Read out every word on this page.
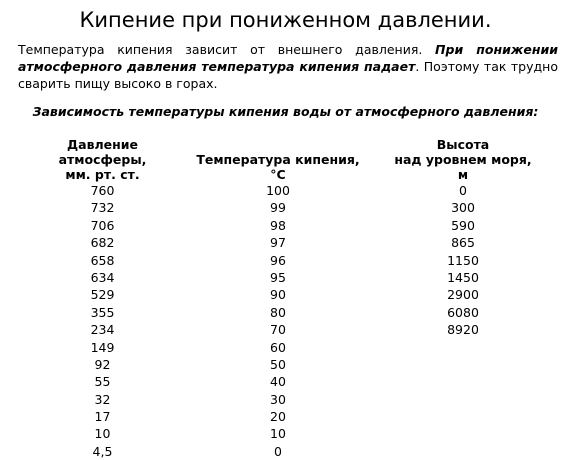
Кипение при пониженном давлении.

Температура кипения зависит от внешнего давления. При понижении атмосферного давления температура кипения падает. Поэтому так трудно сварить пищу высоко в горах.

Зависимость температуры кипения воды от атмосферного давления:

Давление
атмосферы,
мм. рт. ст.
760
732
706
682
658
634
529
355
234
149
92
55
32
17
10
4,5
Температура кипения,
°С
100
99
98
97
96
95
90
80
70
60
50
40
30
20
10
0
Высота
над уровнем моря,
м
0
300
590
865
1150
1450
2900
6080
8920
